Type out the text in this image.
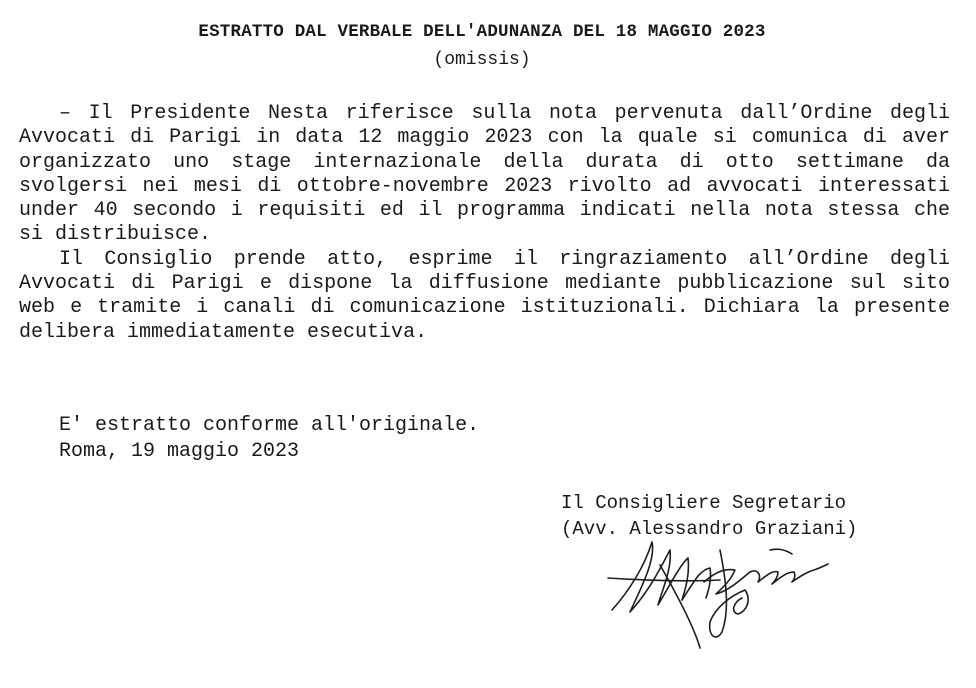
ESTRATTO DAL VERBALE DELL'ADUNANZA DEL 18 MAGGIO 2023
(omissis)

– Il Presidente Nesta riferisce sulla nota pervenuta dall’Ordine degli Avvocati di Parigi in data 12 maggio 2023 con la quale si comunica di aver organizzato uno stage internazionale della durata di otto settimane da svolgersi nei mesi di ottobre-novembre 2023 rivolto ad avvocati interessati under 40 secondo i requisiti ed il programma indicati nella nota stessa che si distribuisce.

Il Consiglio prende atto, esprime il ringraziamento all’Ordine degli Avvocati di Parigi e dispone la diffusione mediante pubblicazione sul sito web e tramite i canali di comunicazione istituzionali. Dichiara la presente delibera immediatamente esecutiva.

E' estratto conforme all'originale.
Roma, 19 maggio 2023
Il Consigliere Segretario
(Avv. Alessandro Graziani)
